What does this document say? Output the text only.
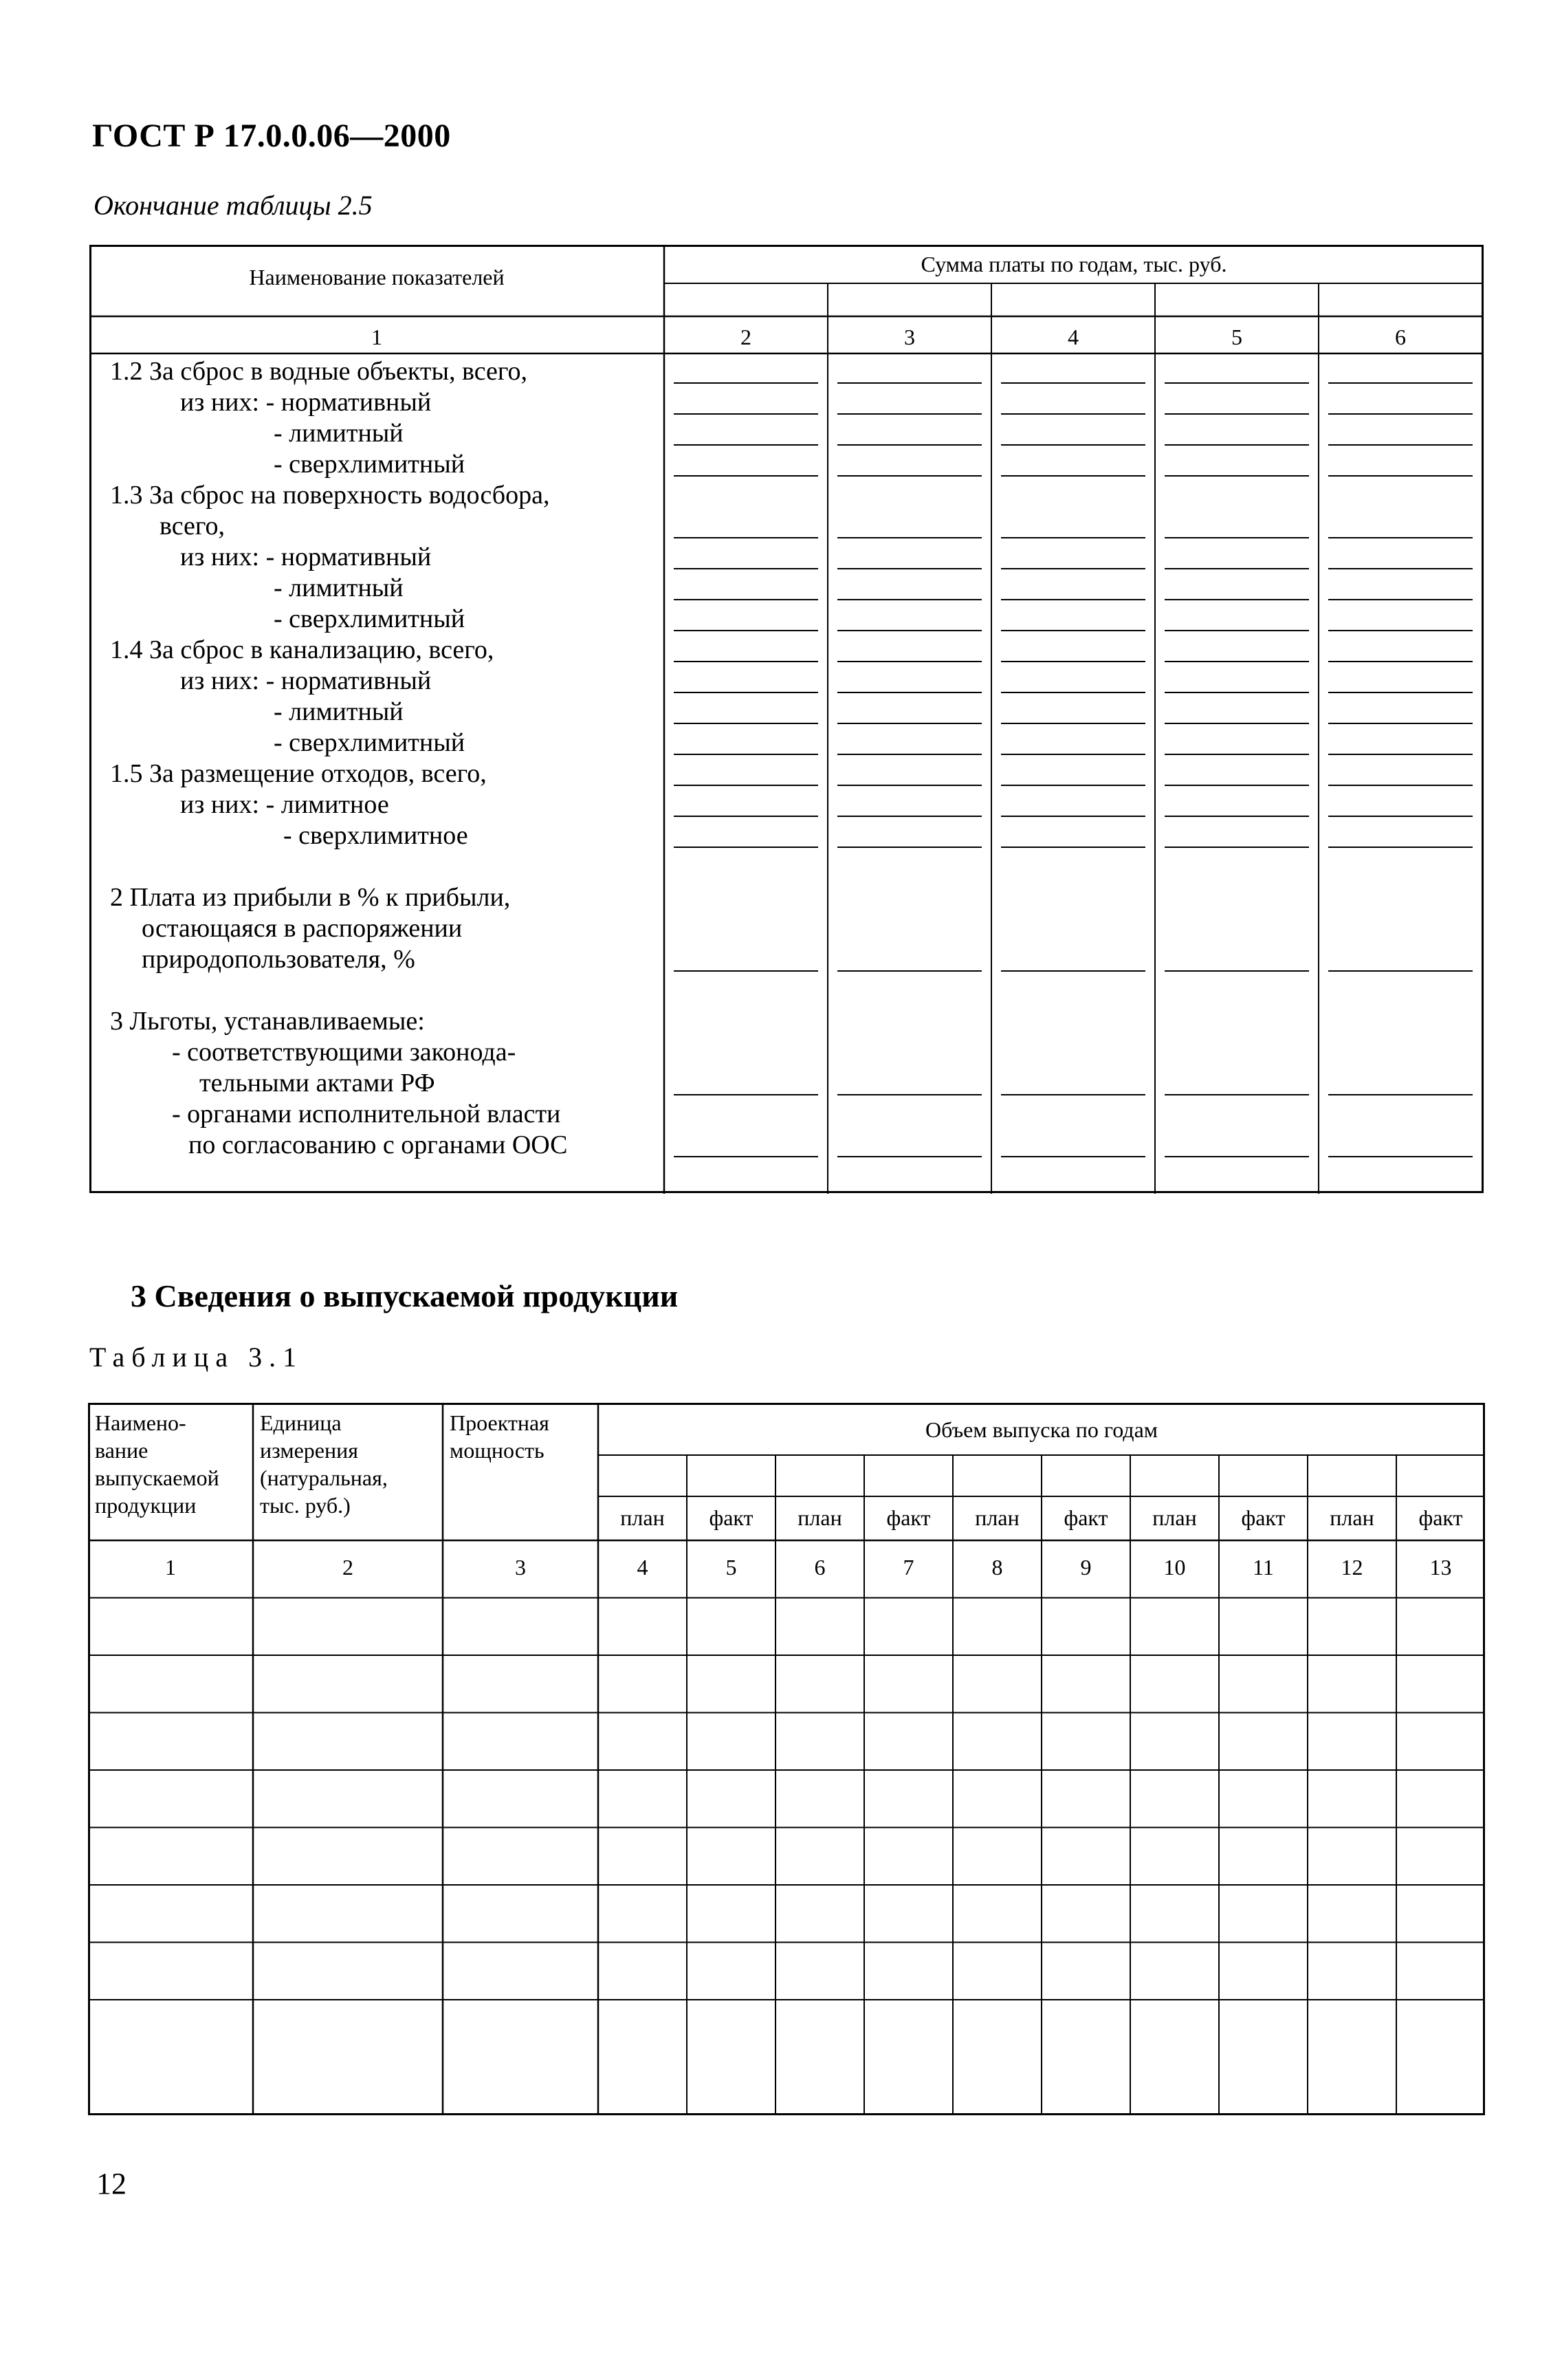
ГОСТ Р 17.0.0.06—2000
Окончание таблицы 2.5
Наименование показателей
Сумма платы по годам, тыс. руб.
1	2	3	4	5	6
1.2 За сброс в водные объекты, всего,
из них: - нормативный
- лимитный
- сверхлимитный
1.3 За сброс на поверхность водосбора,
всего,
из них: - нормативный
- лимитный
- сверхлимитный
1.4 За сброс в канализацию, всего,
из них: - нормативный
- лимитный
- сверхлимитный
1.5 За размещение отходов, всего,
из них: - лимитное
- сверхлимитное
2 Плата из прибыли в % к прибыли,
остающаяся в распоряжении
природопользователя, %
3 Льготы, устанавливаемые:
- соответствующими законода-
тельными актами РФ
- органами исполнительной власти
по согласованию с органами ООС
3 Сведения о выпускаемой продукции
Таблица 3.1
Наимено-
вание
выпускаемой
продукции
Единица
измерения
(натуральная,
тыс. руб.)
Проектная
мощность
Объем выпуска по годам
план факт план факт план факт план факт план факт
1	2	3	4	5	6	7	8	9	10	11	12	13
12
